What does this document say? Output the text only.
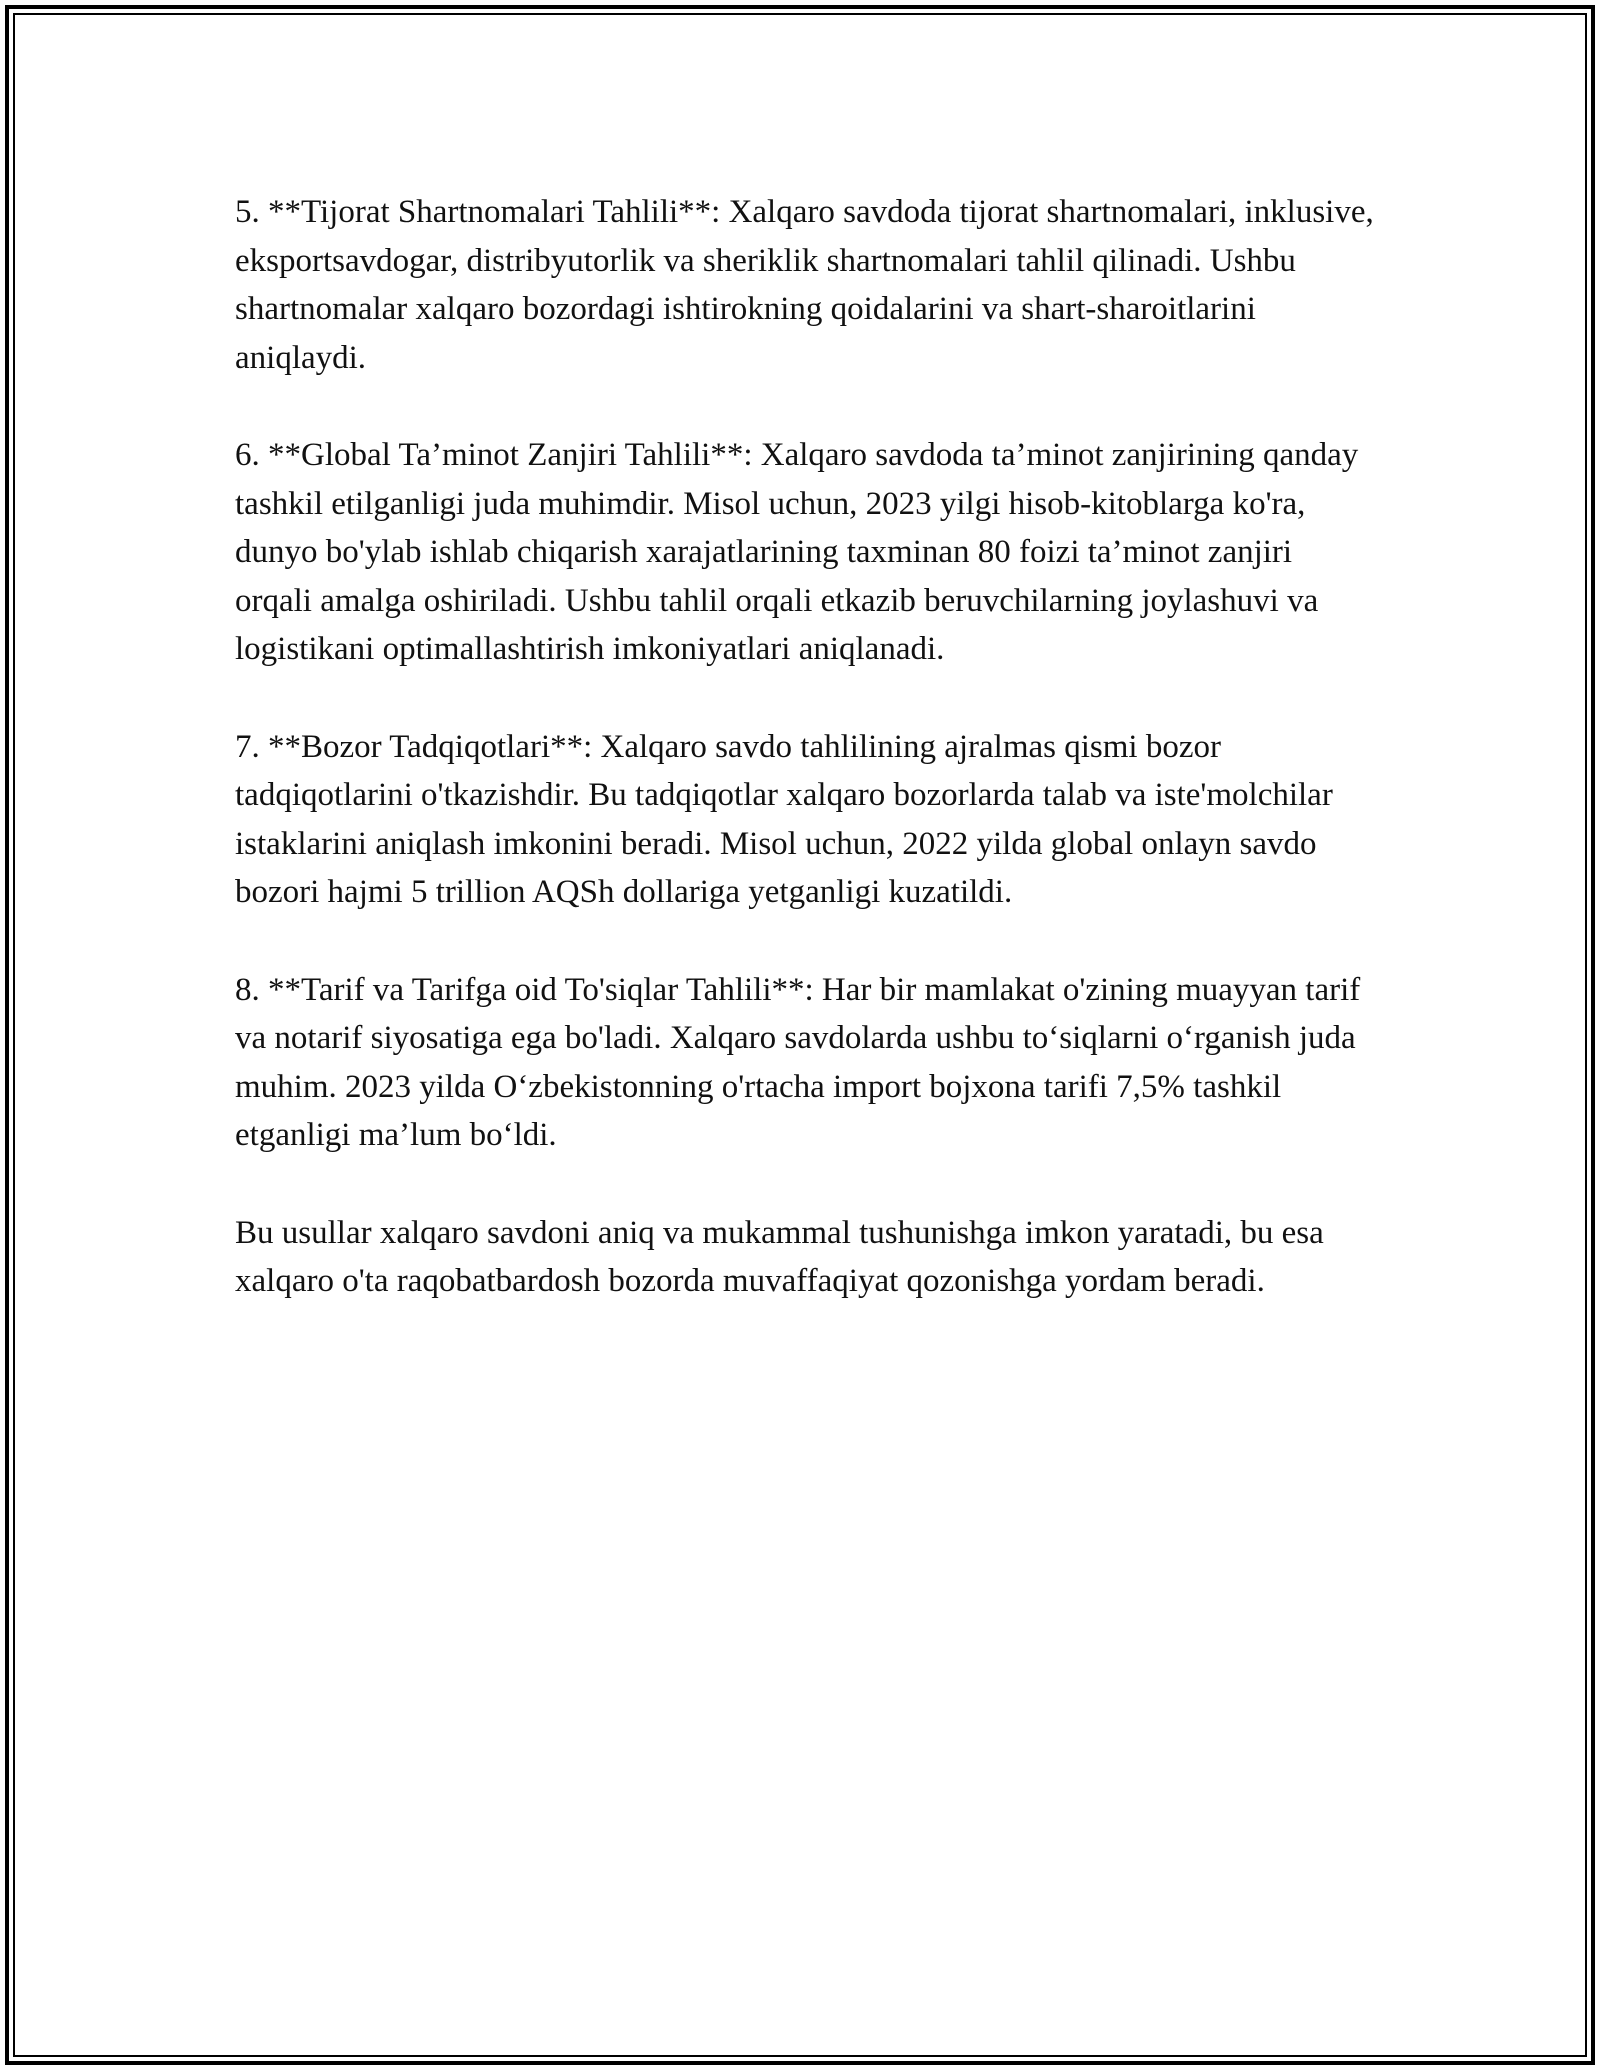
5. **Tijorat Shartnomalari Tahlili**: Xalqaro savdoda tijorat shartnomalari, inklusive, eksportsavdogar, distribyutorlik va sheriklik shartnomalari tahlil qilinadi. Ushbu shartnomalar xalqaro bozordagi ishtirokning qoidalarini va shart-sharoitlarini aniqlaydi.

6. **Global Ta’minot Zanjiri Tahlili**: Xalqaro savdoda ta’minot zanjirining qanday tashkil etilganligi juda muhimdir. Misol uchun, 2023 yilgi hisob-kitoblarga ko'ra, dunyo bo'ylab ishlab chiqarish xarajatlarining taxminan 80 foizi ta’minot zanjiri orqali amalga oshiriladi. Ushbu tahlil orqali etkazib beruvchilarning joylashuvi va logistikani optimallashtirish imkoniyatlari aniqlanadi.

7. **Bozor Tadqiqotlari**: Xalqaro savdo tahlilining ajralmas qismi bozor tadqiqotlarini o'tkazishdir. Bu tadqiqotlar xalqaro bozorlarda talab va iste'molchilar istaklarini aniqlash imkonini beradi. Misol uchun, 2022 yilda global onlayn savdo bozori hajmi 5 trillion AQSh dollariga yetganligi kuzatildi.

8. **Tarif va Tarifga oid To'siqlar Tahlili**: Har bir mamlakat o'zining muayyan tarif va notarif siyosatiga ega bo'ladi. Xalqaro savdolarda ushbu to‘siqlarni o‘rganish juda muhim. 2023 yilda O‘zbekistonning o'rtacha import bojxona tarifi 7,5% tashkil etganligi ma’lum bo‘ldi.

Bu usullar xalqaro savdoni aniq va mukammal tushunishga imkon yaratadi, bu esa xalqaro o'ta raqobatbardosh bozorda muvaffaqiyat qozonishga yordam beradi.
